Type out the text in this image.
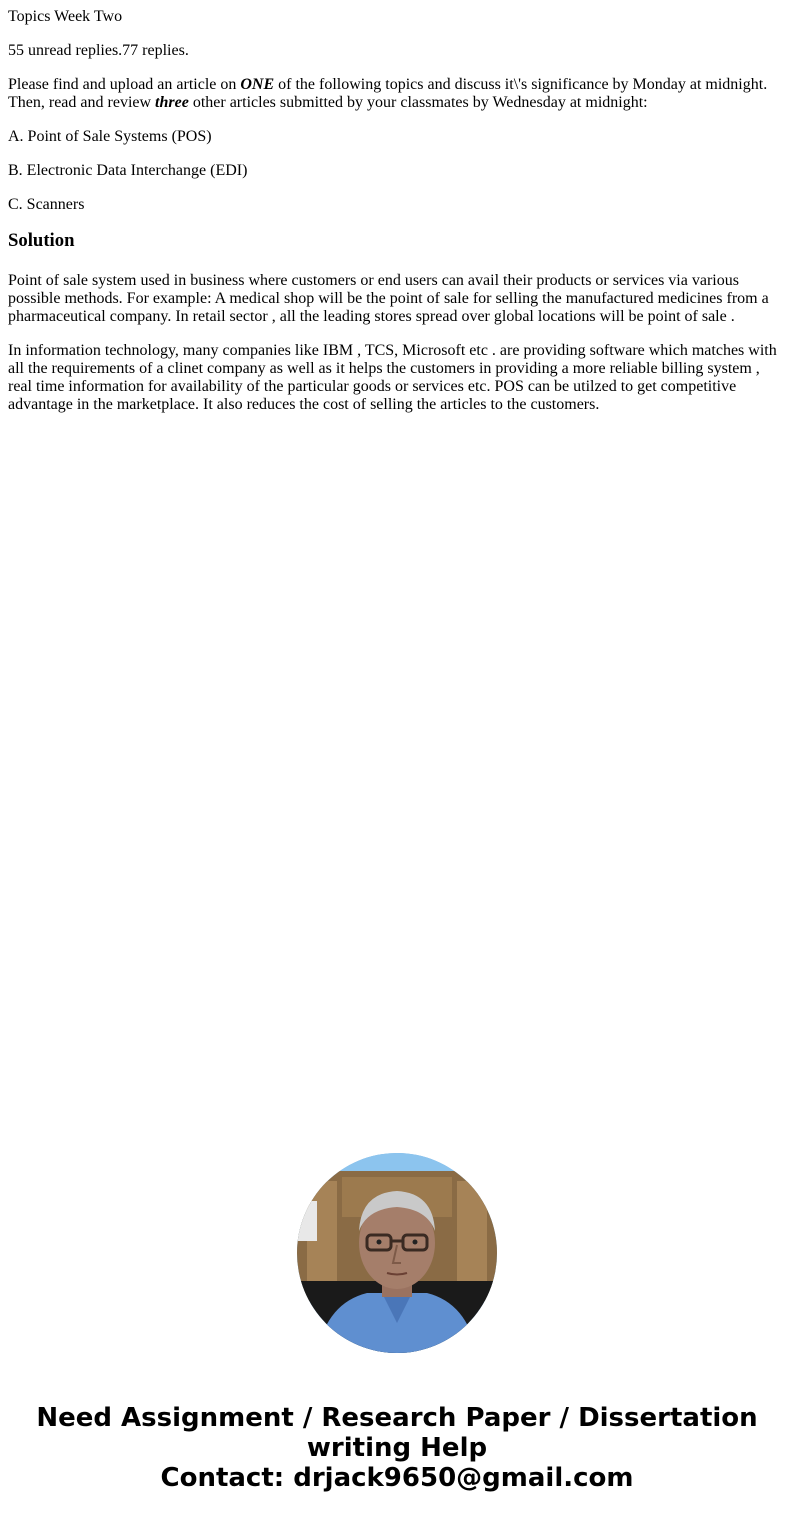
Topics Week Two

55 unread replies.77 replies.

Please find and upload an article on ONE of the following topics and discuss it\'s significance by Monday at midnight. Then, read and review three other articles submitted by your classmates by Wednesday at midnight:

A. Point of Sale Systems (POS)

B. Electronic Data Interchange (EDI)

C. Scanners

Solution

Point of sale system used in business where customers or end users can avail their products or services via various possible methods. For example: A medical shop will be the point of sale for selling the manufactured medicines from a pharmaceutical company. In retail sector , all the leading stores spread over global locations will be point of sale .

In information technology, many companies like IBM , TCS, Microsoft etc . are providing software which matches with all the requirements of a clinet company as well as it helps the customers in providing a more reliable billing system , real time information for availability of the particular goods or services etc. POS can be utilzed to get competitive advantage in the marketplace. It also reduces the cost of selling the articles to the customers.

Need Assignment / Research Paper / Dissertation
writing Help
Contact: drjack9650@gmail.com
